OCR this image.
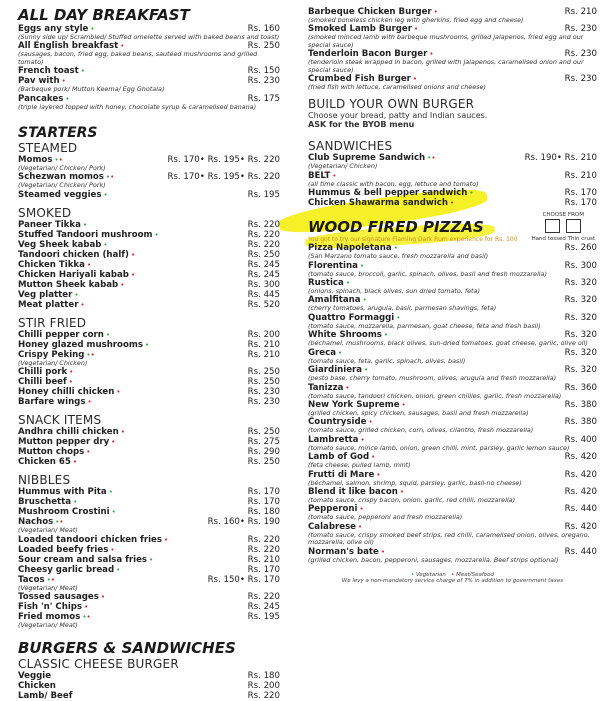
ALL DAY BREAKFAST
Eggs any style •	Rs. 160
(Sunny side up/ Scrambled/ Stuffed omelette served with baked beans and toast)
All English breakfast •	Rs. 250
(sausages, bacon, fried egg, baked beans, sautéed mushrooms and grilled tomato)
French toast •	Rs. 150
Pav with •	Rs. 230
(Barbeque pork/ Mutton Keema/ Egg Ghotala)
Pancakes •	Rs. 175
(triple layered topped with honey, chocolate syrup & caramelised banana)
STARTERS
STEAMED
Momos ••	Rs. 170• Rs. 195• Rs. 220
(Vegetarian/ Chicken/ Pork)
Schezwan momos ••	Rs. 170• Rs. 195• Rs. 220
(Vegetarian/ Chicken/ Pork)
Steamed veggies •	Rs. 195
SMOKED
Paneer Tikka •	Rs. 220
Stuffed Tandoori mushroom •	Rs. 220
Veg Sheek kabab •	Rs. 220
Tandoori chicken (half) •	Rs. 250
Chicken Tikka •	Rs. 245
Chicken Hariyali kabab •	Rs. 245
Mutton Sheek kabab •	Rs. 300
Veg platter •	Rs. 445
Meat platter •	Rs. 520
STIR FRIED
Chilli pepper corn •	Rs. 200
Honey glazed mushrooms •	Rs. 210
Crispy Peking ••	Rs. 210
(Vegetarian/ Chicken)
Chilli pork •	Rs. 250
Chilli beef •	Rs. 250
Honey chilli chicken •	Rs. 230
Barfare wings •	Rs. 230
SNACK ITEMS
Andhra chilli chicken •	Rs. 250
Mutton pepper dry •	Rs. 275
Mutton chops •	Rs. 290
Chicken 65 •	Rs. 250
NIBBLES
Hummus with Pita •	Rs. 170
Bruschetta •	Rs. 170
Mushroom Crostini •	Rs. 180
Nachos ••	Rs. 160• Rs. 190
(Vegetarian/ Meat)
Loaded tandoori chicken fries •	Rs. 220
Loaded beefy fries •	Rs. 220
Sour cream and salsa fries •	Rs. 210
Cheesy garlic bread •	Rs. 170
Tacos ••	Rs. 150• Rs. 170
(Vegetarian/ Meat)
Tossed sausages •	Rs. 220
Fish 'n' Chips •	Rs. 245
Fried momos ••	Rs. 195
(Vegetarian/ Meat)
BURGERS & SANDWICHES
CLASSIC CHEESE BURGER
Veggie	Rs. 180
Chicken	Rs. 200
Lamb/ Beef	Rs. 220
Barbeque Chicken Burger •	Rs. 210
(smoked boneless chicken leg with gherkins, fried egg and cheese)
Smoked Lamb Burger •	Rs. 230
(smoked minced lamb with barbeque mushrooms, grilled jalapenos, fried egg and our special sauce)
Tenderloin Bacon Burger •	Rs. 230
(tenderloin steak wrapped in bacon, grilled with jalapenos, caramelised onion and our special sauce)
Crumbed Fish Burger •	Rs. 230
(fried fish with lettuce, caramelised onions and cheese)
BUILD YOUR OWN BURGER
Choose your bread, patty and Indian sauces.
ASK for the BYOB menu
SANDWICHES
Club Supreme Sandwich ••	Rs. 190• Rs. 210
(Vegetarian/ Chicken)
BELT •	Rs. 210
(all time classic with bacon, egg, lettuce and tomato)
Hummus & bell pepper sandwich •	Rs. 170
Chicken Shawarma sandwich •	Rs. 170
WOOD FIRED PIZZAS
You got to try our signature Flaming Dark Rum experience for Rs. 100
CHOOSE FROM
Hand tossed Thin crust
Pizza Napoletana •	Rs. 260
(San Marzano tomato sauce, fresh mozzarella and basil)
Florentina •	Rs. 300
(tomato sauce, broccoli, garlic, spinach, olives, basil and fresh mozzarella)
Rustica •	Rs. 320
(onions, spinach, black olives, sun dried tomato, feta)
Amalfitana •	Rs. 320
(cherry tomatoes, arugula, basil, parmesan shavings, feta)
Quattro Formaggi •	Rs. 320
(tomato sauce, mozzarella, parmesan, goat cheese, feta and fresh basil)
White Shrooms •	Rs. 320
(béchamel, mushrooms, black olives, sun-dried tomatoes, goat cheese, garlic, olive oil)
Greca •	Rs. 320
(tomato sauce, feta, garlic, spinach, olives, basil)
Giardiniera •	Rs. 320
(pesto base, cherry tomato, mushroom, olives, arugula and fresh mozzarella)
Tanizza •	Rs. 360
(tomato sauce, tandoori chicken, onion, green chillies, garlic, fresh mozzarella)
New York Supreme •	Rs. 380
(grilled chicken, spicy chicken, sausages, basil and fresh mozzarella)
Countryside •	Rs. 380
(tomato sauce, grilled chicken, corn, olives, cilantro, fresh mozzarella)
Lambretta •	Rs. 400
(tomato sauce, mince lamb, onion, green chilli, mint, parsley, garlic lemon sauce)
Lamb of God •	Rs. 420
(feta cheese, pulled lamb, mint)
Frutti di Mare •	Rs. 420
(béchamel, salmon, shrimp, squid, parsley, garlic, basil-no cheese)
Blend it like bacon •	Rs. 420
(tomato sauce, crispy bacon, onion, garlic, red chilli, mozzarella)
Pepperoni •	Rs. 440
(tomato sauce, pepperoni and fresh mozzarella)
Calabrese •	Rs. 420
(tomato sauce, crispy smoked beef strips, red chilli, caramelised onion, olives, oregano, mozzarella, olive oil)
Norman's bate •	Rs. 440
(grilled chicken, bacon, pepperoni, sausages, mozzarella. Beef strips optional)
• Vegetarian • Meat/Seafood
We levy a non-mandatory service charge of 7% in addition to government taxes
